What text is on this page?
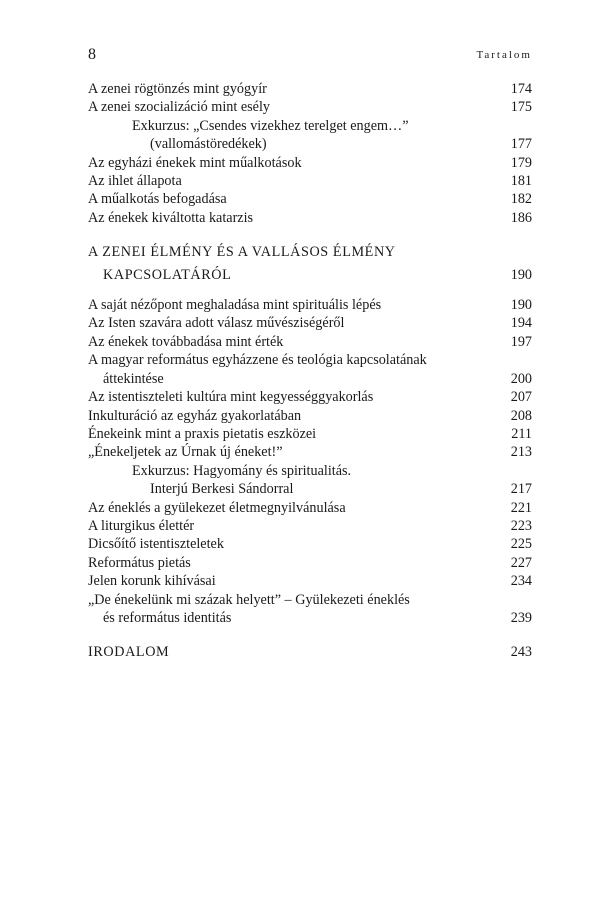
8	Tartalom
A zenei rögtönzés mint gyógyír	174
A zenei szocializáció mint esély	175
Exkurzus: „Csendes vizekhez terelget engem…”
(vallomástöredékek)	177
Az egyházi énekek mint műalkotások	179
Az ihlet állapota	181
A műalkotás befogadása	182
Az énekek kiváltotta katarzis	186
A ZENEI ÉLMÉNY ÉS A VALLÁSOS ÉLMÉNY
KAPCSOLATÁRÓL	190
A saját nézőpont meghaladása mint spirituális lépés	190
Az Isten szavára adott válasz művésziségéről	194
Az énekek továbbadása mint érték	197
A magyar református egyházzene és teológia kapcsolatának
áttekintése	200
Az istentiszteleti kultúra mint kegyességgyakorlás	207
Inkulturáció az egyház gyakorlatában	208
Énekeink mint a praxis pietatis eszközei	211
„Énekeljetek az Úrnak új éneket!”	213
Exkurzus: Hagyomány és spiritualitás.
Interjú Berkesi Sándorral	217
Az éneklés a gyülekezet életmegnyilvánulása	221
A liturgikus élettér	223
Dicsőítő istentiszteletek	225
Református pietás	227
Jelen korunk kihívásai	234
„De énekelünk mi százak helyett” – Gyülekezeti éneklés
és református identitás	239
IRODALOM	243
